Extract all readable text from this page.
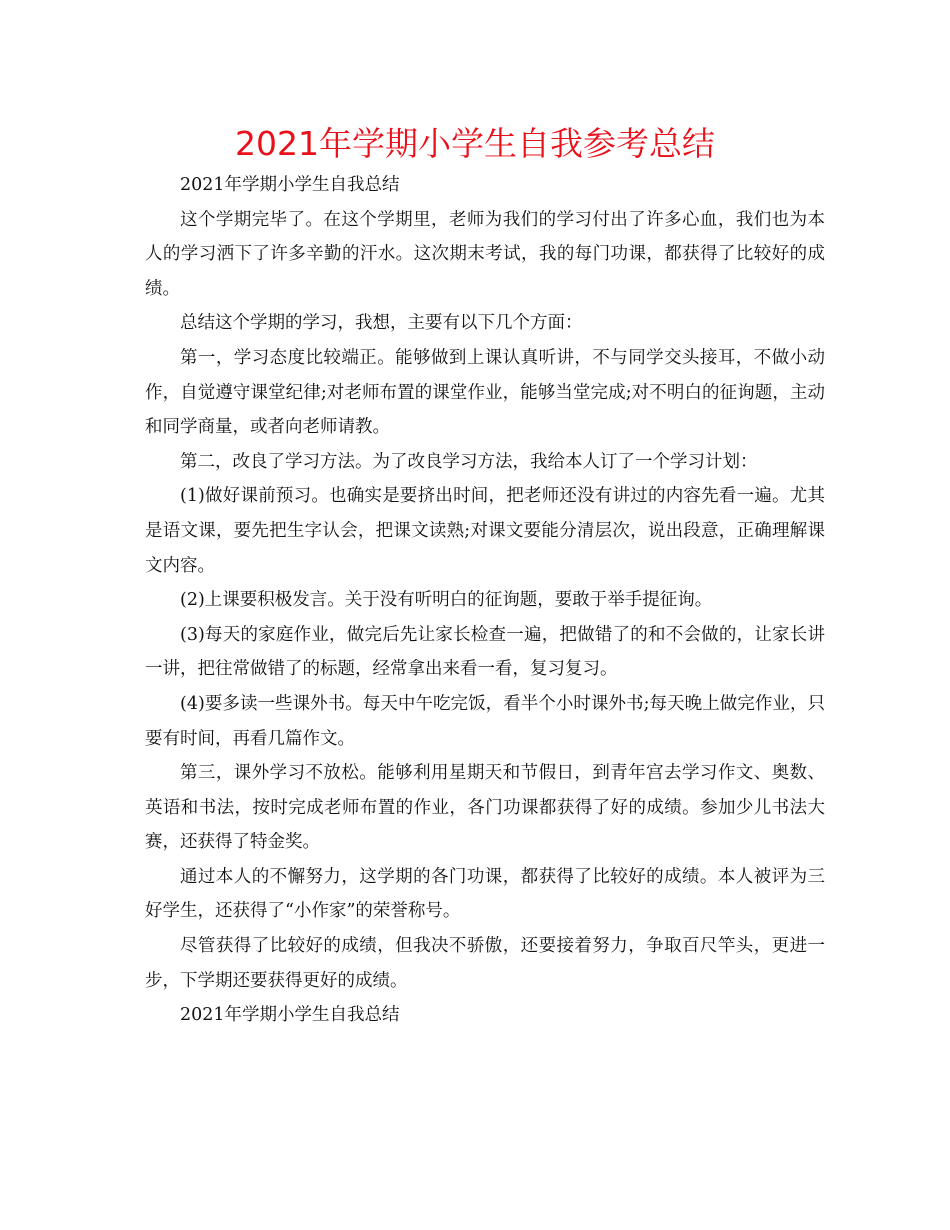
2021年学期小学生自我参考总结

2021年学期小学生自我总结

这个学期完毕了。在这个学期里，老师为我们的学习付出了许多心血，我们也为本人的学习洒下了许多辛勤的汗水。这次期末考试，我的每门功课，都获得了比较好的成绩。

总结这个学期的学习，我想，主要有以下几个方面：

第一，学习态度比较端正。能够做到上课认真听讲，不与同学交头接耳，不做小动作，自觉遵守课堂纪律;对老师布置的课堂作业，能够当堂完成;对不明白的征询题，主动和同学商量，或者向老师请教。

第二，改良了学习方法。为了改良学习方法，我给本人订了一个学习计划：

(1)做好课前预习。也确实是要挤出时间，把老师还没有讲过的内容先看一遍。尤其是语文课，要先把生字认会，把课文读熟;对课文要能分清层次，说出段意，正确理解课文内容。

(2)上课要积极发言。关于没有听明白的征询题，要敢于举手提征询。

(3)每天的家庭作业，做完后先让家长检查一遍，把做错了的和不会做的，让家长讲一讲，把往常做错了的标题，经常拿出来看一看，复习复习。

(4)要多读一些课外书。每天中午吃完饭，看半个小时课外书;每天晚上做完作业，只要有时间，再看几篇作文。

第三，课外学习不放松。能够利用星期天和节假日，到青年宫去学习作文、奥数、英语和书法，按时完成老师布置的作业，各门功课都获得了好的成绩。参加少儿书法大赛，还获得了特金奖。

通过本人的不懈努力，这学期的各门功课，都获得了比较好的成绩。本人被评为三好学生，还获得了“小作家”的荣誉称号。

尽管获得了比较好的成绩，但我决不骄傲，还要接着努力，争取百尺竿头，更进一步，下学期还要获得更好的成绩。

2021年学期小学生自我总结
